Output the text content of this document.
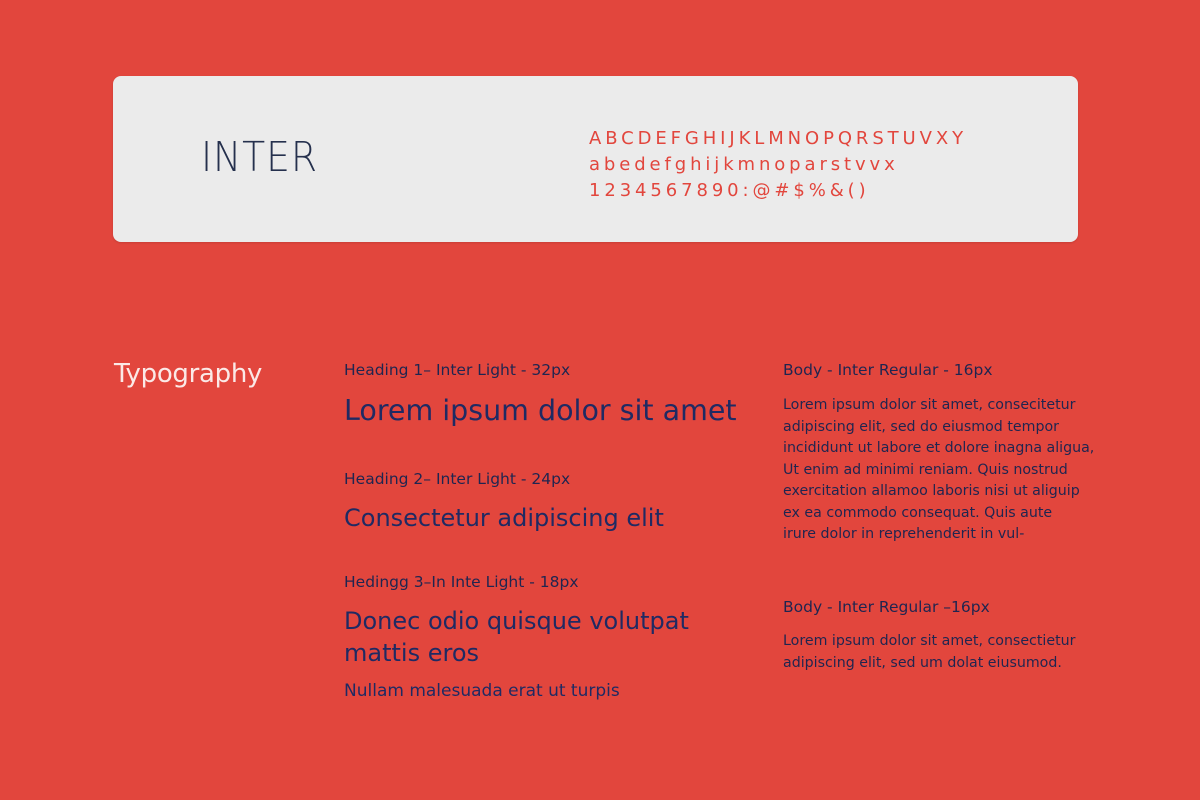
INTER	ABCDEFGHIJKLMNOPQRSTUVXY
abedefghijkmnoparstvvx
1234567890:@#$%&()
Typography	Heading 1– Inter Light - 32px
Lorem ipsum dolor sit amet
Heading 2– Inter Light - 24px
Consectetur adipiscing elit
Hedingg 3–In Inte Light - 18px
Donec odio quisque volutpat mattis eros
Nullam malesuada erat ut turpis
Body - Inter Regular - 16px
Lorem ipsum dolor sit amet, consecitetur
adipiscing elit, sed do eiusmod tempor
incididunt ut labore et dolore inagna aligua,
Ut enim ad minimi reniam. Quis nostrud
exercitation allamoo laboris nisi ut aliguip
ex ea commodo consequat. Quis aute
irure dolor in reprehenderit in vul-
Body - Inter Regular –16px
Lorem ipsum dolor sit amet, consectietur
adipiscing elit, sed um dolat eiusumod.
